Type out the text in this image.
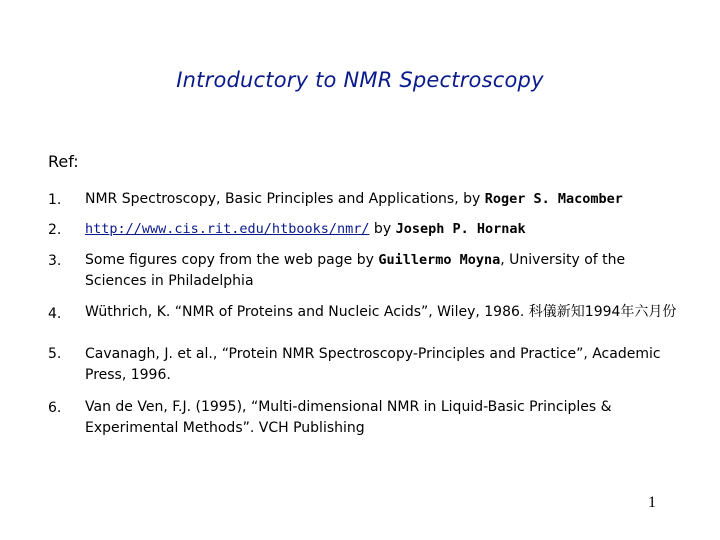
Introductory to NMR Spectroscopy
Ref:
1. NMR Spectroscopy, Basic Principles and Applications, by Roger S. Macomber
2. http://www.cis.rit.edu/htbooks/nmr/ by Joseph P. Hornak
3. Some figures copy from the web page by Guillermo Moyna, University of the Sciences in Philadelphia
4. Wüthrich, K. “NMR of Proteins and Nucleic Acids”, Wiley, 1986. 科儀新知1994年六月份
5. Cavanagh, J. et al., “Protein NMR Spectroscopy-Principles and Practice”, Academic Press, 1996.
6. Van de Ven, F.J. (1995), “Multi-dimensional NMR in Liquid-Basic Principles & Experimental Methods”. VCH Publishing
1
